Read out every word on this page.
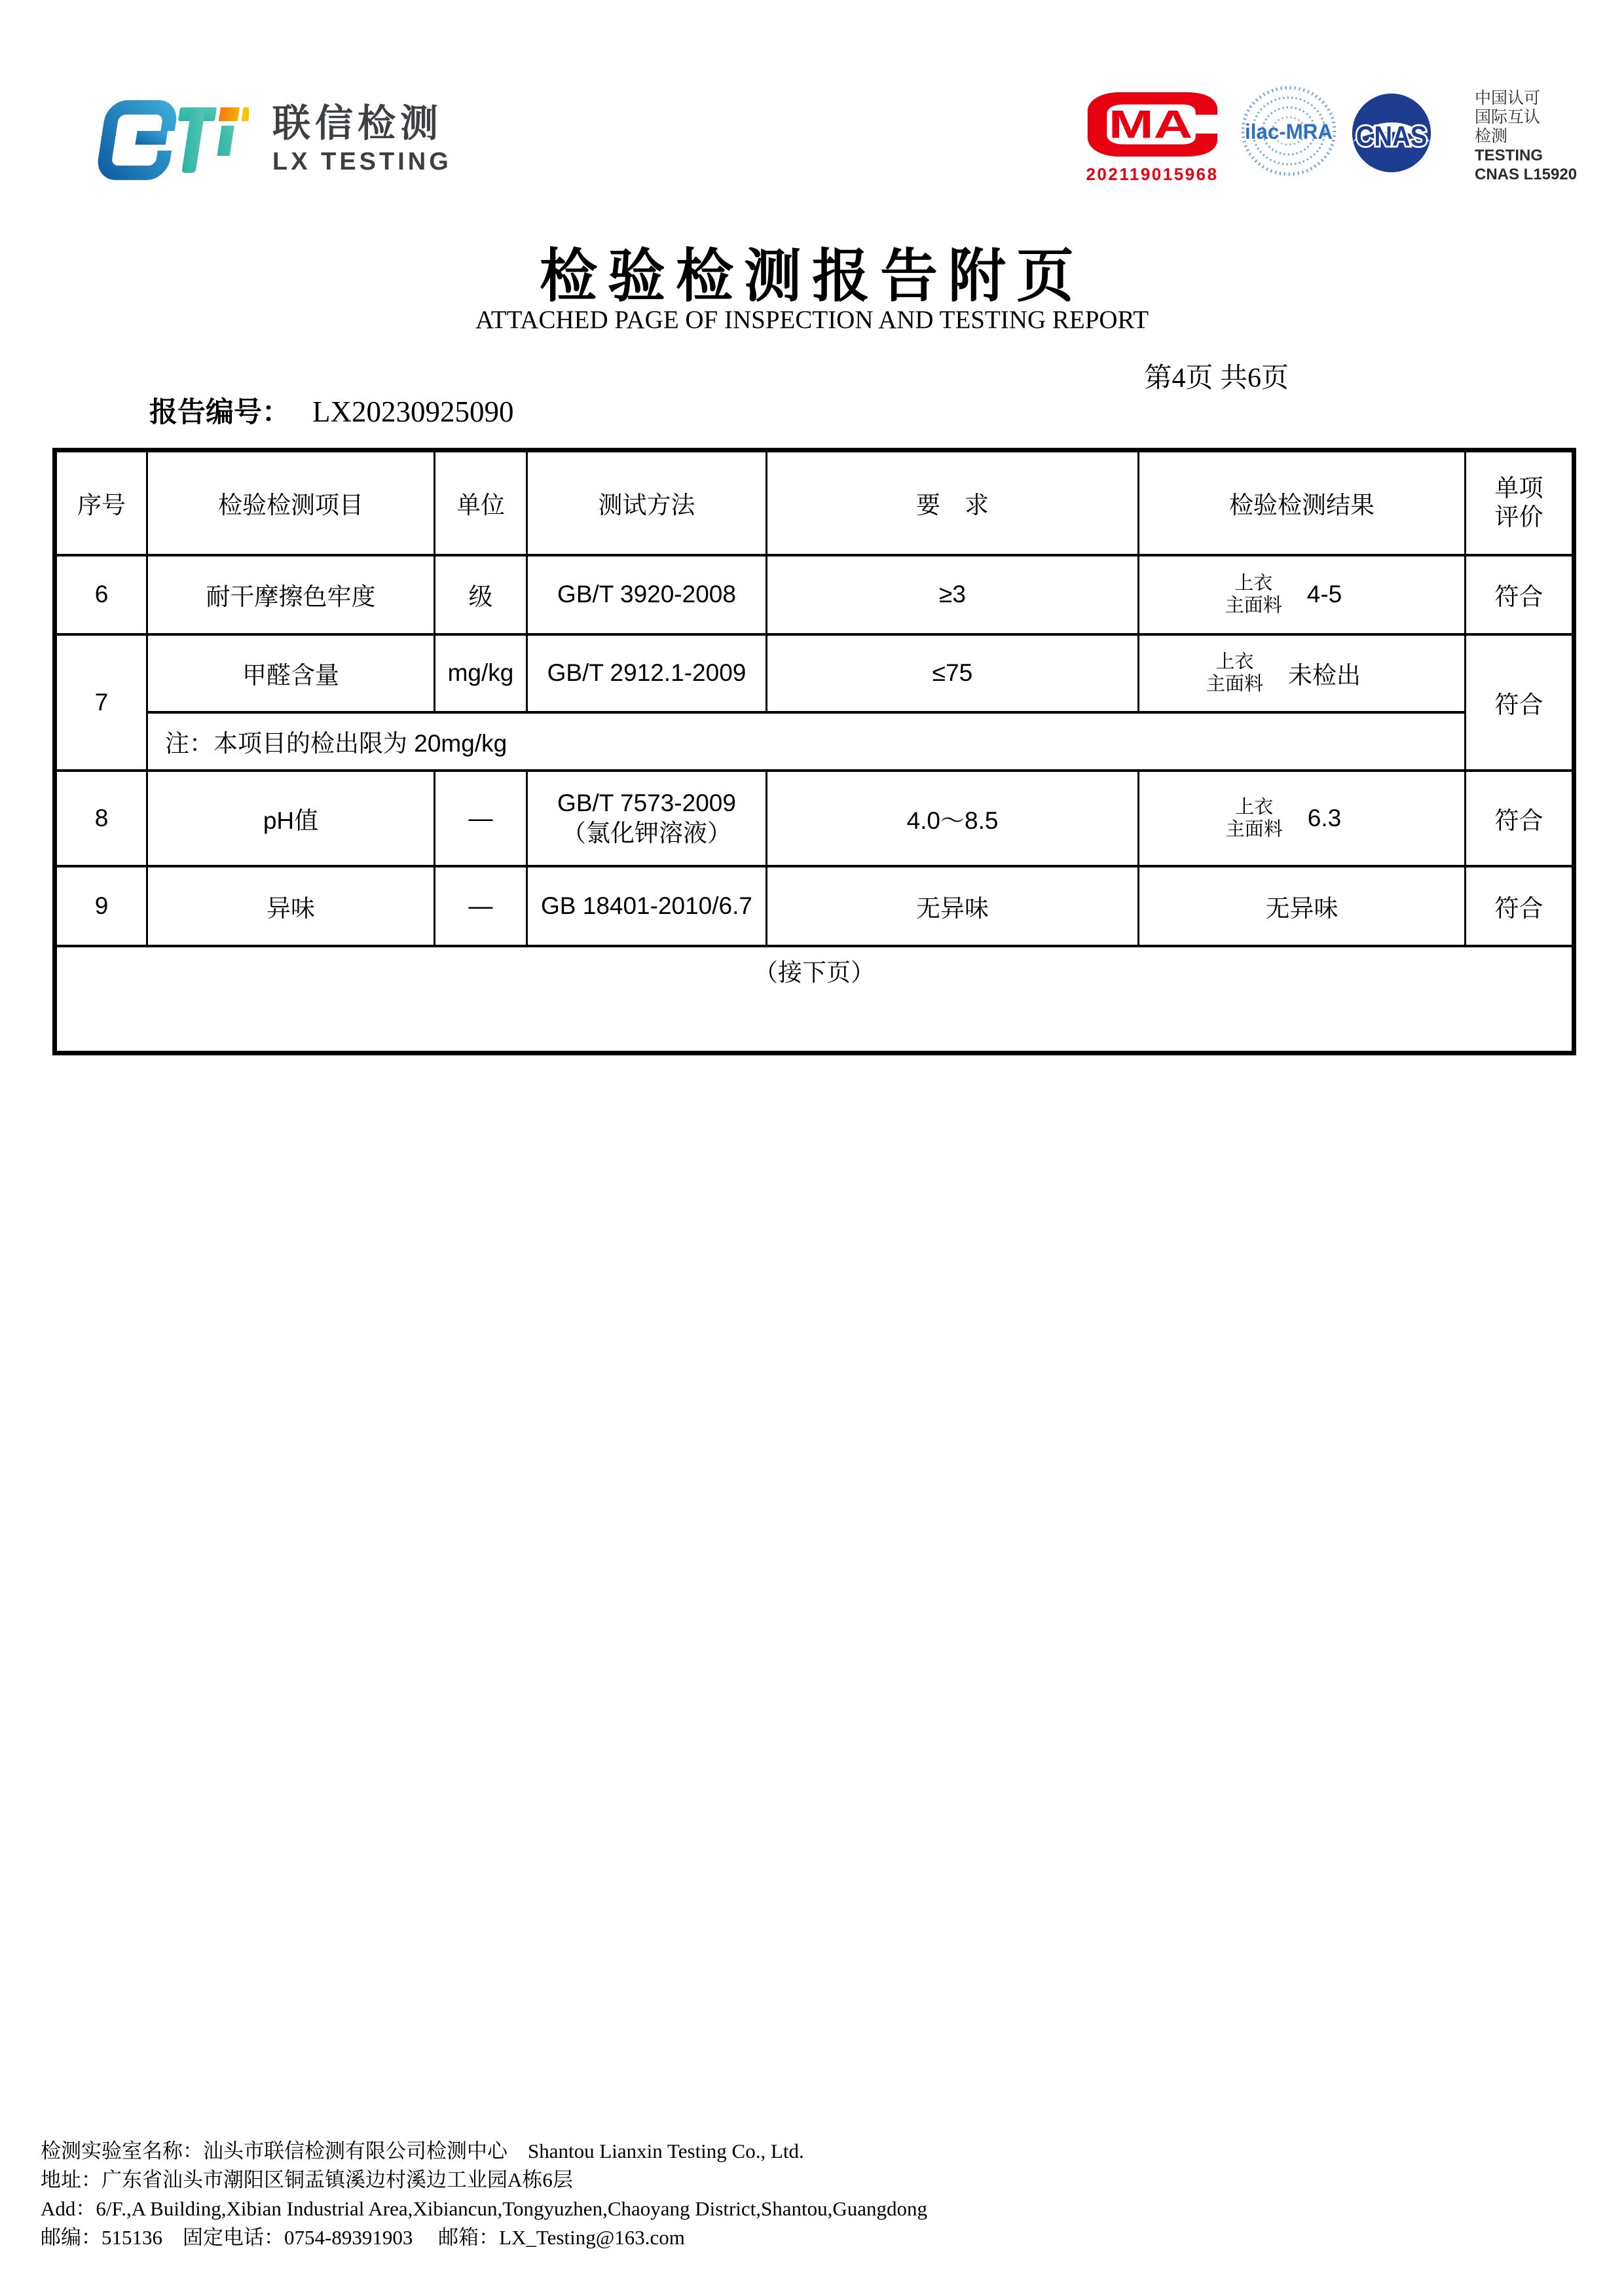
联信检测
LX TESTING
MA
202119015968
ilac-MRA CNAS
中国认可
国际互认
检测
TESTING
CNAS L15920
检验检测报告附页
ATTACHED PAGE OF INSPECTION AND TESTING REPORT
第4页 共6页
报告编号： LX20230925090
序号	检验检测项目	单位	测试方法	要　求	检验检测结果	单项
评价

6	耐干摩擦色牢度	级	GB/T 3920-2008	≥3	上衣
主面料 4-5	符合
7	甲醛含量	mg/kg	GB/T 2912.1-2009	≤75	上衣
主面料 未检出	符合
	注：本项目的检出限为 20mg/kg					
8	pH值	—	GB/T 7573-2009
（氯化钾溶液）	4.0～8.5	上衣
主面料 6.3	符合
9	异味	—	GB 18401-2010/6.7	无异味	无异味	符合
（接下页）						

检测实验室名称：汕头市联信检测有限公司检测中心    Shantou Lianxin Testing Co., Ltd.

地址：广东省汕头市潮阳区铜盂镇溪边村溪边工业园A栋6层

Add：6/F.,A Building,Xibian Industrial Area,Xibiancun,Tongyuzhen,Chaoyang District,Shantou,Guangdong

邮编：515136    固定电话：0754-89391903     邮箱：LX_Testing@163.com
